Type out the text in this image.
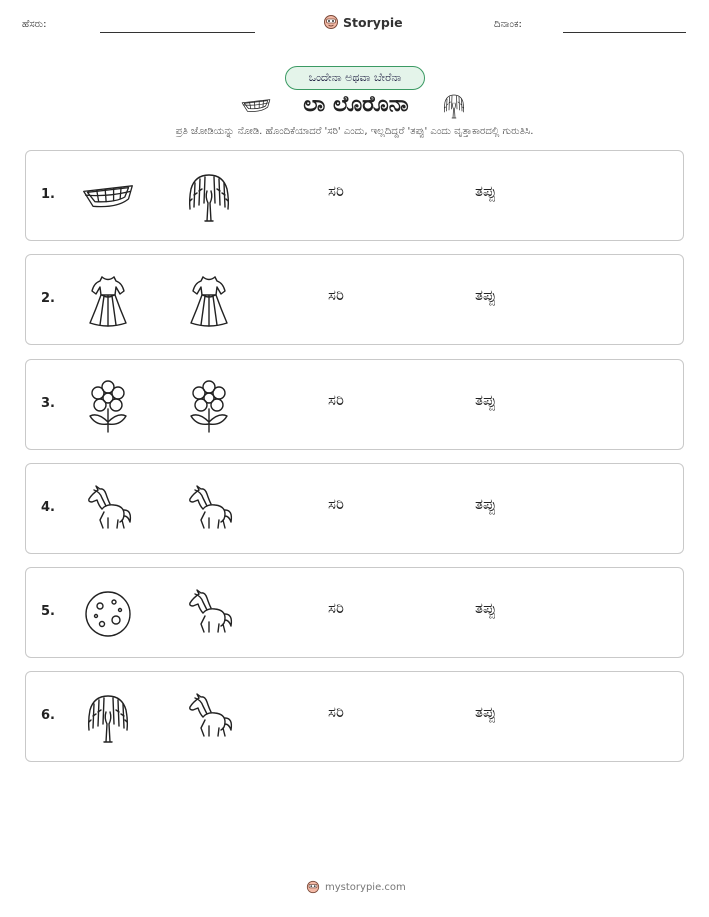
ಹೆಸರು:	Storypie	ದಿನಾಂಕ:
ಒಂದೇನಾ ಅಥವಾ ಬೇರೆನಾ
ಲಾ ಲೊರೊನಾ
ಪ್ರತಿ ಜೋಡಿಯನ್ನು ನೋಡಿ. ಹೊಂದಿಕೆಯಾದರೆ 'ಸರಿ' ಎಂದು, ಇಲ್ಲದಿದ್ದರೆ 'ತಪ್ಪು' ಎಂದು ವೃತ್ತಾಕಾರದಲ್ಲಿ ಗುರುತಿಸಿ.
1.	ಸರಿ	ತಪ್ಪು
2.	ಸರಿ	ತಪ್ಪು
3.	ಸರಿ	ತಪ್ಪು
4.	ಸರಿ	ತಪ್ಪು
5.	ಸರಿ	ತಪ್ಪು
6.	ಸರಿ	ತಪ್ಪು
mystorypie.com
